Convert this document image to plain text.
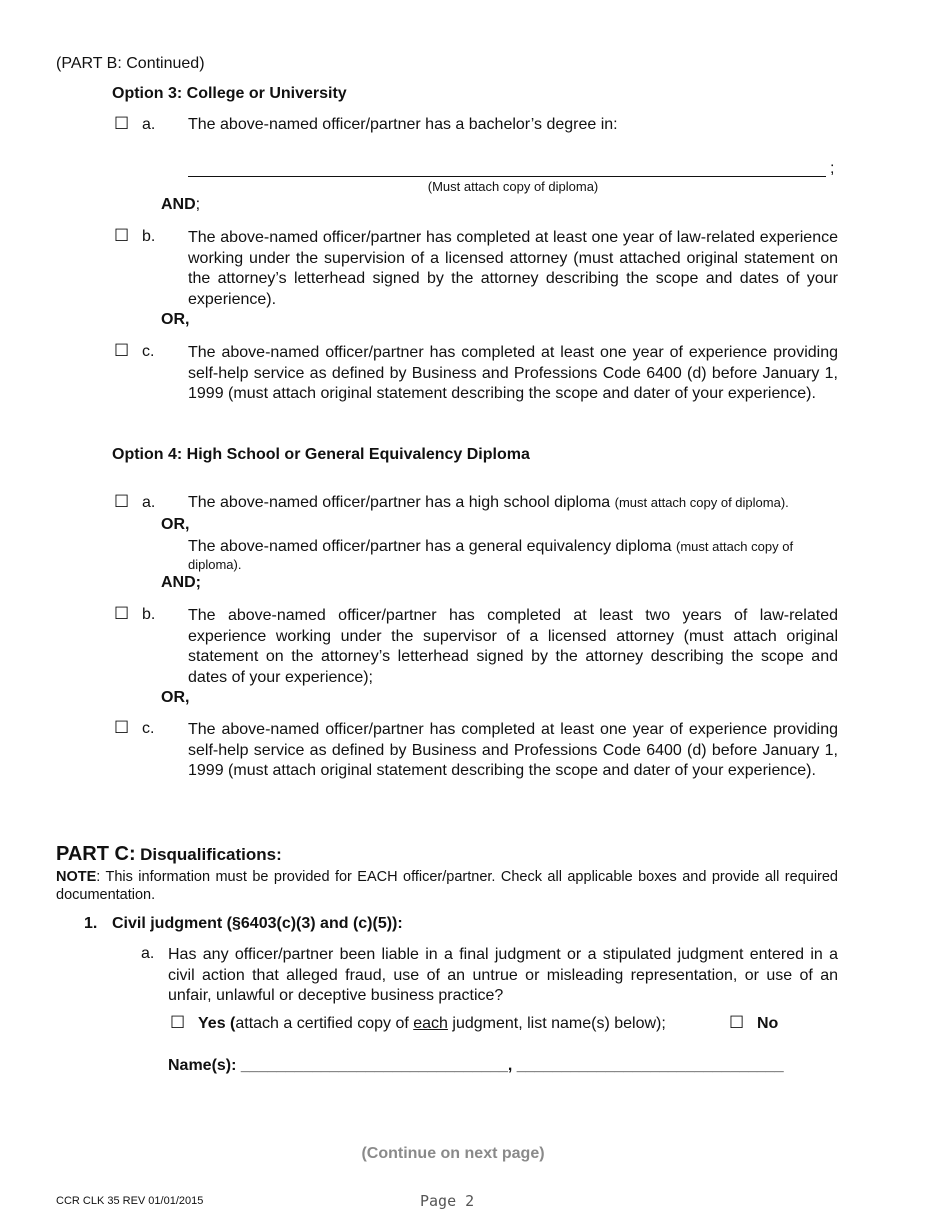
(PART B: Continued)
Option 3: College or University
☐ a. The above-named officer/partner has a bachelor’s degree in:
;
(Must attach copy of diploma)
AND;
☐ b. The above-named officer/partner has completed at least one year of law-related experience working under the supervision of a licensed attorney (must attached original statement on the attorney’s letterhead signed by the attorney describing the scope and dates of your experience).
OR,
☐ c. The above-named officer/partner has completed at least one year of experience providing self-help service as defined by Business and Professions Code 6400 (d) before January 1, 1999 (must attach original statement describing the scope and dater of your experience).
Option 4: High School or General Equivalency Diploma
☐ a. The above-named officer/partner has a high school diploma (must attach copy of diploma).
OR,
The above-named officer/partner has a general equivalency diploma (must attach copy of diploma).
AND;
☐ b. The above-named officer/partner has completed at least two years of law-related experience working under the supervisor of a licensed attorney (must attach original statement on the attorney’s letterhead signed by the attorney describing the scope and dates of your experience);
OR,
☐ c. The above-named officer/partner has completed at least one year of experience providing self-help service as defined by Business and Professions Code 6400 (d) before January 1, 1999 (must attach original statement describing the scope and dater of your experience).
PART C: Disqualifications:
NOTE: This information must be provided for EACH officer/partner. Check all applicable boxes and provide all required documentation.
1. Civil judgment (§6403(c)(3) and (c)(5)):
a. Has any officer/partner been liable in a final judgment or a stipulated judgment entered in a civil action that alleged fraud, use of an untrue or misleading representation, or use of an unfair, unlawful or deceptive business practice?
☐ Yes (attach a certified copy of each judgment, list name(s) below);	☐ No
Name(s): ______________________________, ______________________________
(Continue on next page)
CCR CLK 35 REV 01/01/2015	Page 2
